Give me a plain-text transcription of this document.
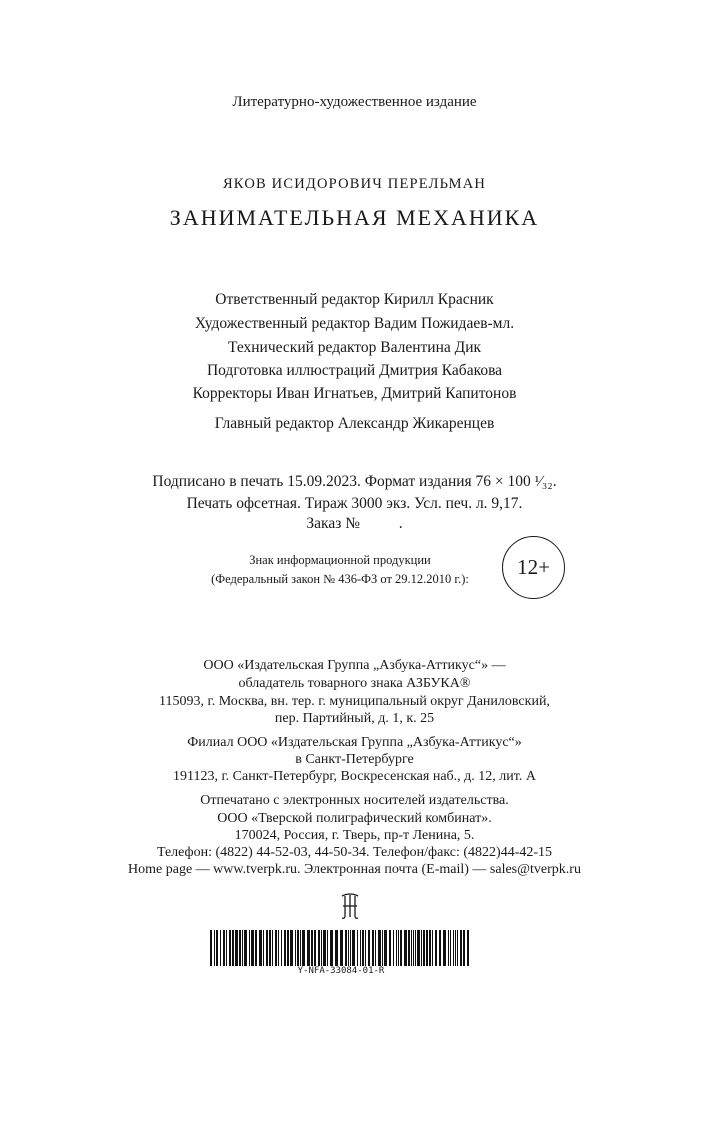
Литературно-художественное издание
ЯКОВ ИСИДОРОВИЧ ПЕРЕЛЬМАН
ЗАНИМАТЕЛЬНАЯ МЕХАНИКА
Ответственный редактор Кирилл Красник
Художественный редактор Вадим Пожидаев-мл.
Технический редактор Валентина Дик
Подготовка иллюстраций Дмитрия Кабакова
Корректоры Иван Игнатьев, Дмитрий Капитонов
Главный редактор Александр Жикаренцев
Подписано в печать 15.09.2023. Формат издания 76 × 100 ¹⁄₃₂.
Печать офсетная. Тираж 3000 экз. Усл. печ. л. 9,17.
Заказ №          .
Знак информационной продукции
(Федеральный закон № 436-ФЗ от 29.12.2010 г.):	12+
ООО «Издательская Группа „Азбука-Аттикус“» —
обладатель товарного знака АЗБУКА®
115093, г. Москва, вн. тер. г. муниципальный округ Даниловский,
пер. Партийный, д. 1, к. 25
Филиал ООО «Издательская Группа „Азбука-Аттикус“»
в Санкт-Петербурге
191123, г. Санкт-Петербург, Воскресенская наб., д. 12, лит. А
Отпечатано с электронных носителей издательства.
ООО «Тверской полиграфический комбинат».
170024, Россия, г. Тверь, пр-т Ленина, 5.
Телефон: (4822) 44-52-03, 44-50-34. Телефон/факс: (4822)44-42-15
Home page — www.tverpk.ru. Электронная почта (E-mail) — sales@tverpk.ru
Y-NFA-33084-01-R
